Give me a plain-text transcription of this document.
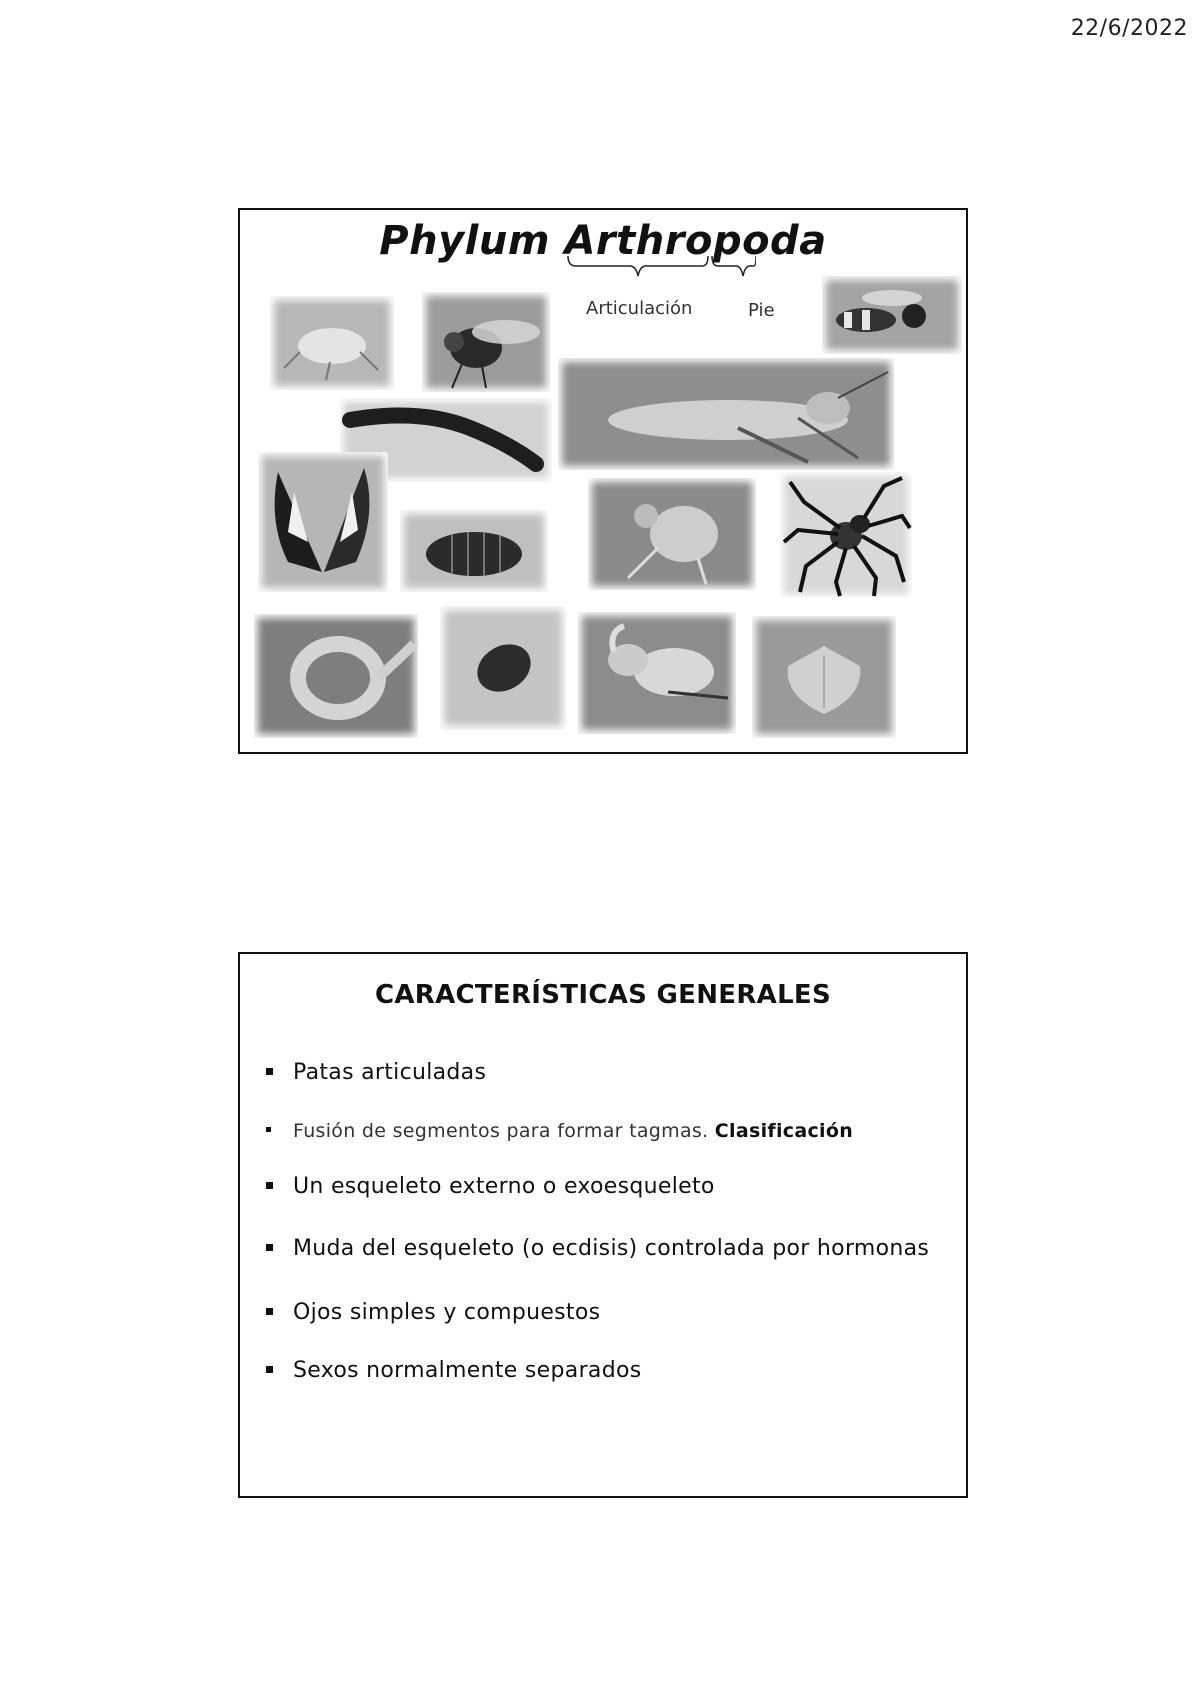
22/6/2022
Phylum Arthropoda
Articulación	Pie
CARACTERÍSTICAS GENERALES
Patas articuladas
Fusión de segmentos para formar tagmas. Clasificación
Un esqueleto externo o exoesqueleto
Muda del esqueleto (o ecdisis) controlada por hormonas
Ojos simples y compuestos
Sexos normalmente separados
